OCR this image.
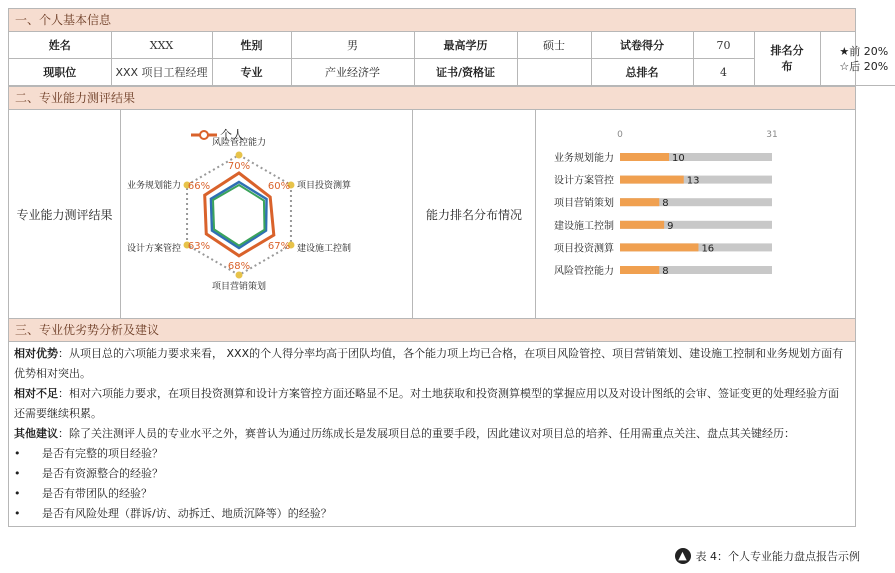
一、个人基本信息
姓名	XXX	性别	男	最高学历	硕士	试卷得分	70	排名分布	★前 20%
☆后 20%

现职位	XXX 项目工程经理	专业	产业经济学	证书/资格证		总排名	4		
二、专业能力测评结果
专业能力测评结果
个人
70%
60%
67%
68%
63%
66%
风险管控能力
项目投资测算
建设施工控制
项目营销策划
设计方案管控
业务规划能力
能力排名分布情况
0	31
业务规划能力	10
设计方案管控	13
项目营销策划	8
建设施工控制	9
项目投资测算	16
风险管控能力	8
三、专业优劣势分析及建议

相对优势：从项目总的六项能力要求来看， XXX的个人得分率均高于团队均值，各个能力项上均已合格，在项目风险管控、项目营销策划、建设施工控制和业务规划方面有优势相对突出。

相对不足：相对六项能力要求，在项目投资测算和设计方案管控方面还略显不足。对土地获取和投资测算模型的掌握应用以及对设计图纸的会审、签证变更的处理经验方面还需要继续积累。

其他建议：除了关注测评人员的专业水平之外，赛普认为通过历练成长是发展项目总的重要手段，因此建议对项目总的培养、任用需重点关注、盘点其关键经历：

•	是否有完整的项目经验？
•	是否有资源整合的经验？
•	是否有带团队的经验？
•	是否有风险处理（群诉/访、动拆迁、地质沉降等）的经验？
▲ 表 4：个人专业能力盘点报告示例
